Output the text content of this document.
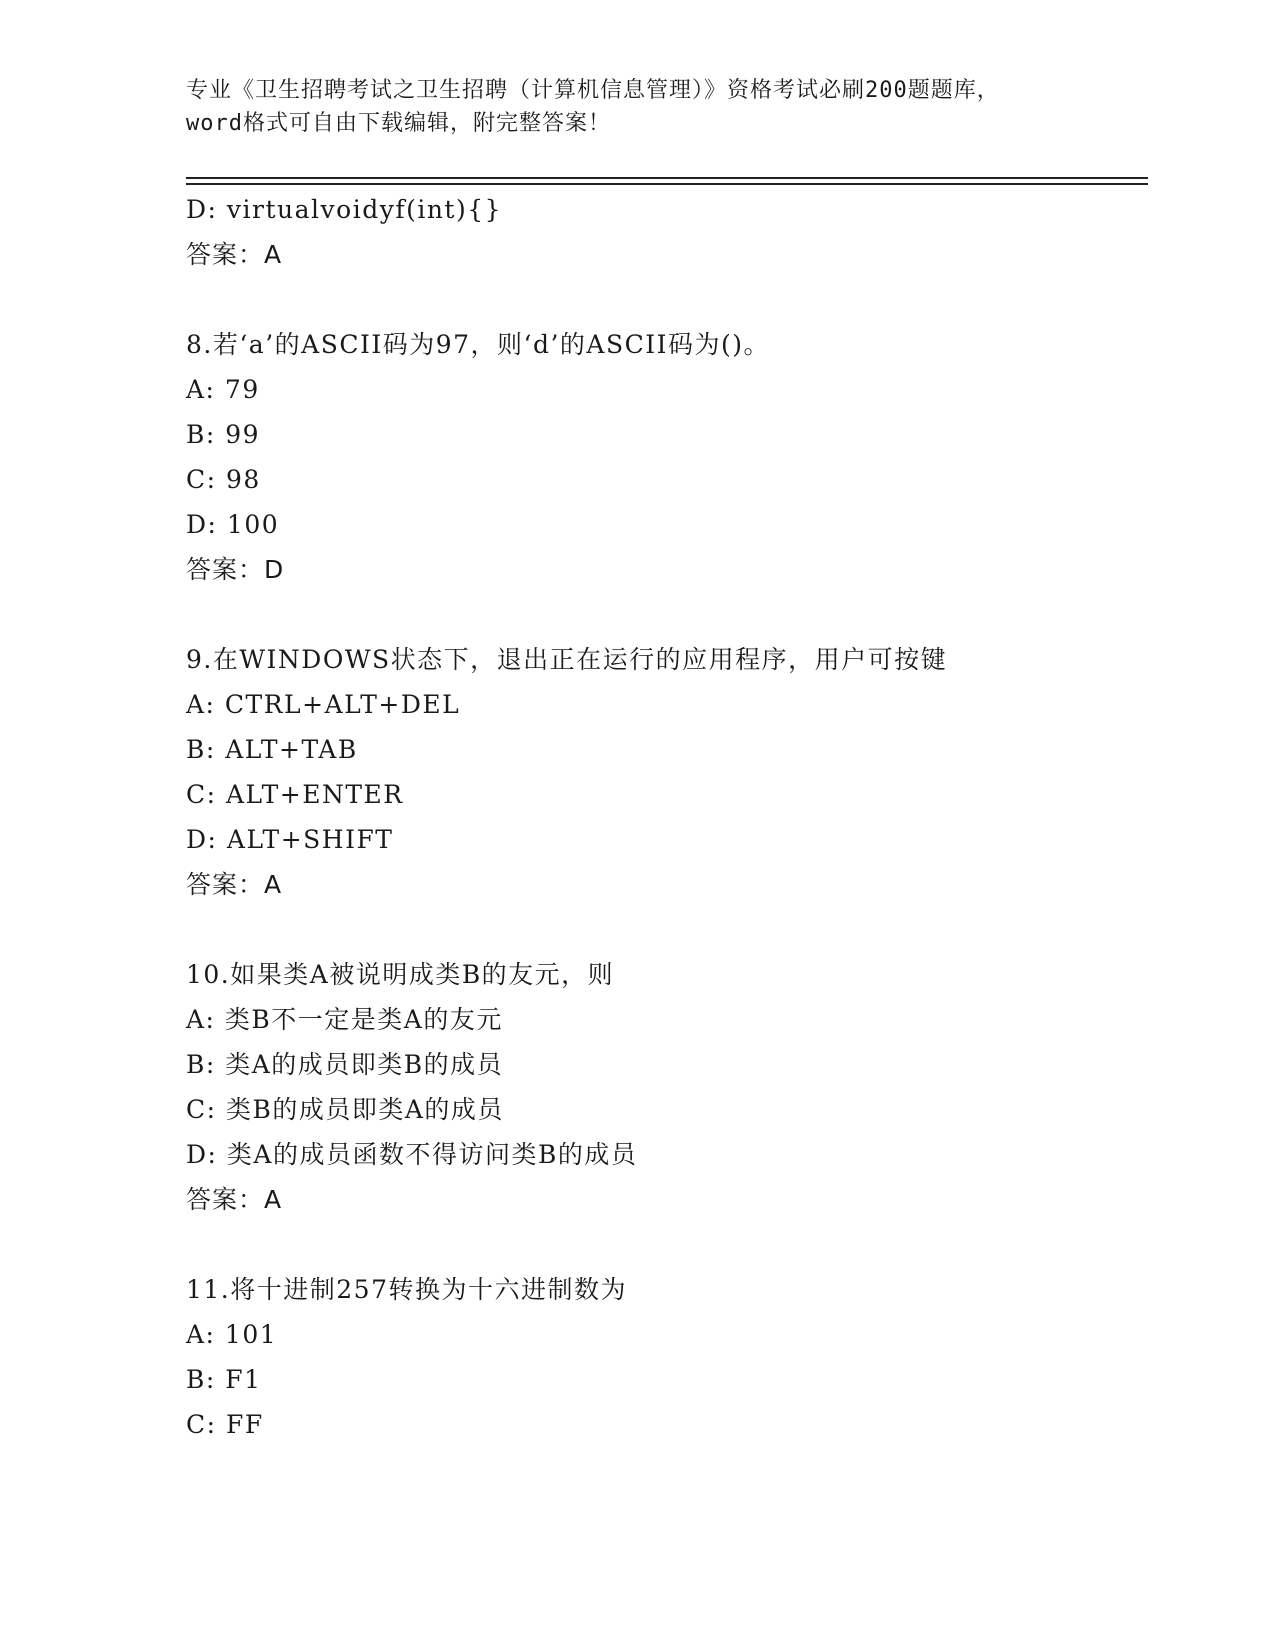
专业《卫生招聘考试之卫生招聘（计算机信息管理）》资格考试必刷200题题库，
word格式可自由下载编辑，附完整答案！
D: virtualvoidyf(int){}
答案：A
8.若‘a’的ASCII码为97，则‘d’的ASCII码为()。
A: 79
B: 99
C: 98
D: 100
答案：D
9.在WINDOWS状态下，退出正在运行的应用程序，用户可按键
A: CTRL+ALT+DEL
B: ALT+TAB
C: ALT+ENTER
D: ALT+SHIFT
答案：A
10.如果类A被说明成类B的友元，则
A: 类B不一定是类A的友元
B: 类A的成员即类B的成员
C: 类B的成员即类A的成员
D: 类A的成员函数不得访问类B的成员
答案：A
11.将十进制257转换为十六进制数为
A: 101
B: F1
C: FF
